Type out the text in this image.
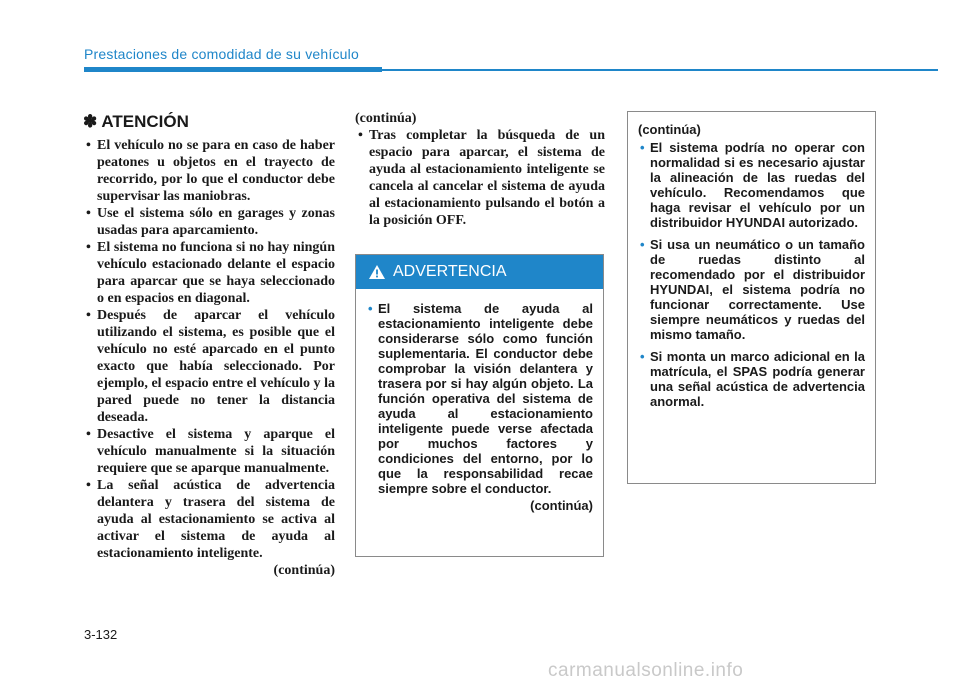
Prestaciones de comodidad de su vehículo
✽ ATENCIÓN
• El vehículo no se para en caso de haber peatones u objetos en el trayecto de recorrido, por lo que el conductor debe supervisar las maniobras.
• Use el sistema sólo en garages y zonas usadas para aparcamiento.
• El sistema no funciona si no hay ningún vehículo estacionado delante el espacio para aparcar que se haya seleccionado o en espacios en diagonal.
• Después de aparcar el vehículo utilizando el sistema, es posible que el vehículo no esté aparcado en el punto exacto que había seleccionado. Por ejemplo, el espacio entre el vehículo y la pared puede no tener la distancia deseada.
• Desactive el sistema y aparque el vehículo manualmente si la situación requiere que se aparque manualmente.
• La señal acústica de advertencia delantera y trasera del sistema de ayuda al estacionamiento se activa al activar el sistema de ayuda al estacionamiento inteligente.
(continúa)
(continúa)
• Tras completar la búsqueda de un espacio para aparcar, el sistema de ayuda al estacionamiento inteligente se cancela al cancelar el sistema de ayuda al estacionamiento pulsando el botón a la posición OFF.
ADVERTENCIA
• El sistema de ayuda al estacionamiento inteligente debe considerarse sólo como función suplementaria. El conductor debe comprobar la visión delantera y trasera por si hay algún objeto. La función operativa del sistema de ayuda al estacionamiento inteligente puede verse afectada por muchos factores y condiciones del entorno, por lo que la responsabilidad recae siempre sobre el conductor.
(continúa)
(continúa)
• El sistema podría no operar con normalidad si es necesario ajustar la alineación de las ruedas del vehículo. Recomendamos que haga revisar el vehículo por un distribuidor HYUNDAI autorizado.
• Si usa un neumático o un tamaño de ruedas distinto al recomendado por el distribuidor HYUNDAI, el sistema podría no funcionar correctamente. Use siempre neumáticos y ruedas del mismo tamaño.
• Si monta un marco adicional en la matrícula, el SPAS podría generar una señal acústica de advertencia anormal.
3-132
carmanualsonline.info
